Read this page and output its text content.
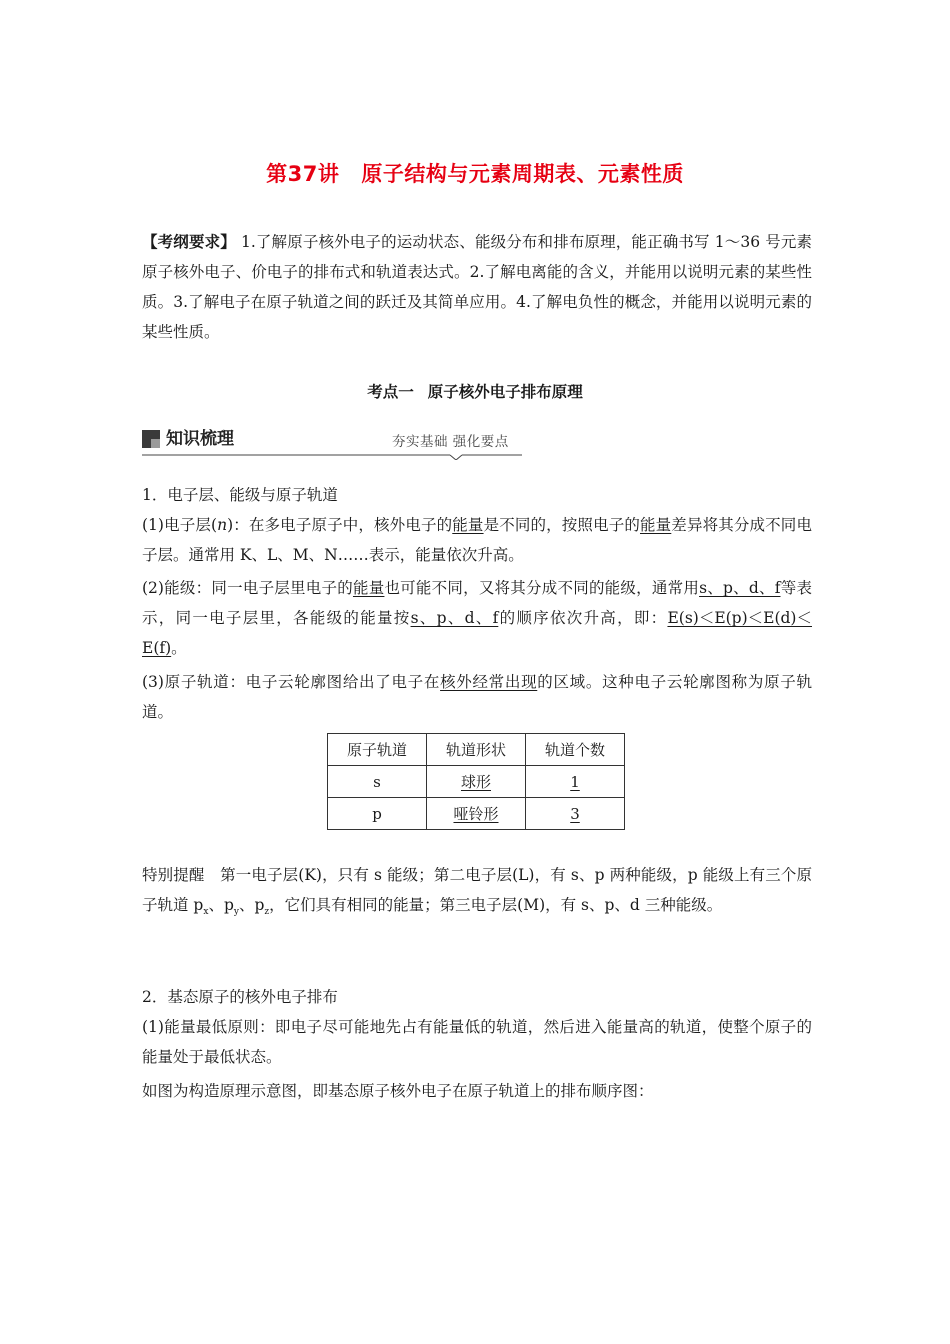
第37讲 原子结构与元素周期表、元素性质
【考纲要求】 1.了解原子核外电子的运动状态、能级分布和排布原理，能正确书写 1～36 号元素原子核外电子、价电子的排布式和轨道表达式。2.了解电离能的含义，并能用以说明元素的某些性质。3.了解电子在原子轨道之间的跃迁及其简单应用。4.了解电负性的概念，并能用以说明元素的某些性质。
考点一 原子核外电子排布原理
知识梳理	夯实基础 强化要点
1．电子层、能级与原子轨道
(1)电子层(n)：在多电子原子中，核外电子的能量是不同的，按照电子的能量差异将其分成不同电子层。通常用 K、L、M、N……表示，能量依次升高。
(2)能级：同一电子层里电子的能量也可能不同，又将其分成不同的能级，通常用s、p、d、f等表示，同一电子层里，各能级的能量按s、p、d、f的顺序依次升高，即：E(s)＜E(p)＜E(d)＜E(f)。
(3)原子轨道：电子云轮廓图给出了电子在核外经常出现的区域。这种电子云轮廓图称为原子轨道。
原子轨道	轨道形状	轨道个数
s	球形	1
p	哑铃形	3
特别提醒　第一电子层(K)，只有 s 能级；第二电子层(L)，有 s、p 两种能级，p 能级上有三个原子轨道 $p_x$、$p_y$、$p_z$，它们具有相同的能量；第三电子层(M)，有 s、p、d 三种能级。
2．基态原子的核外电子排布
(1)能量最低原则：即电子尽可能地先占有能量低的轨道，然后进入能量高的轨道，使整个原子的能量处于最低状态。
如图为构造原理示意图，即基态原子核外电子在原子轨道上的排布顺序图：
